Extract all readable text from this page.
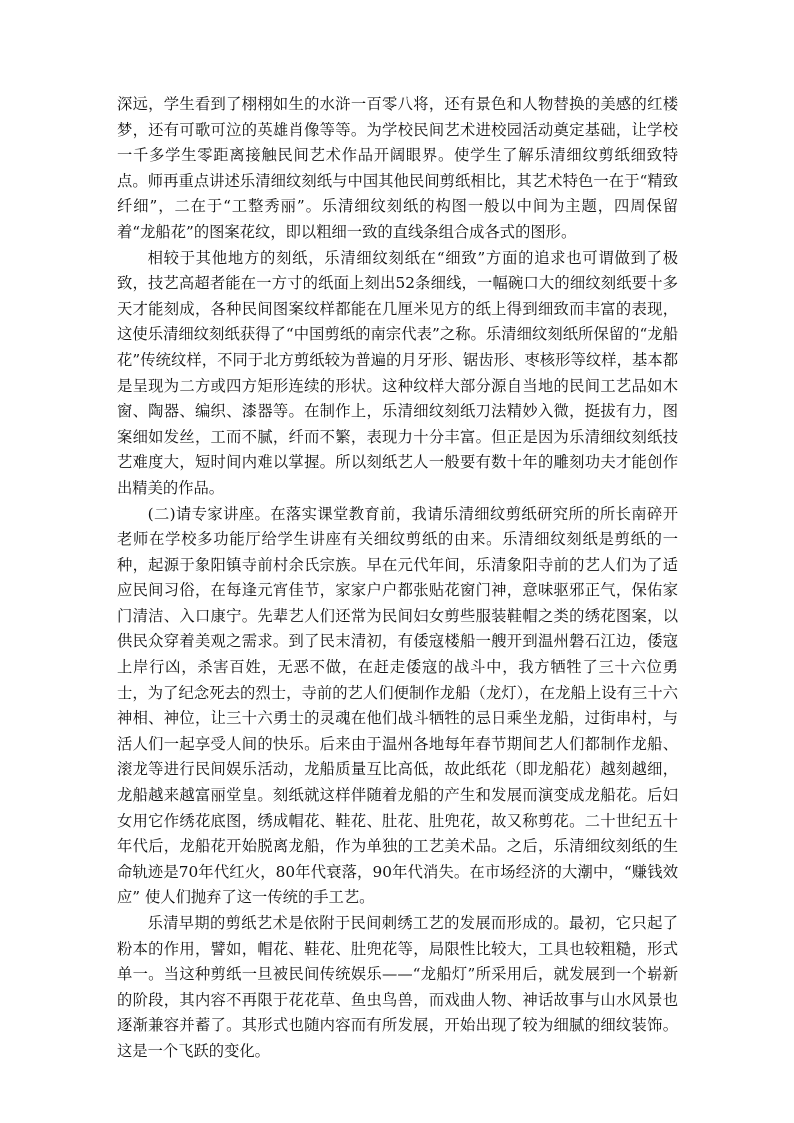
深远，学生看到了栩栩如生的水浒一百零八将，还有景色和人物替换的美感的红楼梦，还有可歌可泣的英雄肖像等等。为学校民间艺术进校园活动奠定基础，让学校一千多学生零距离接触民间艺术作品开阔眼界。使学生了解乐清细纹剪纸细致特点。师再重点讲述乐清细纹刻纸与中国其他民间剪纸相比，其艺术特色一在于“精致纤细”，二在于“工整秀丽”。乐清细纹刻纸的构图一般以中间为主题，四周保留着“龙船花”的图案花纹，即以粗细一致的直线条组合成各式的图形。

相较于其他地方的刻纸，乐清细纹刻纸在“细致”方面的追求也可谓做到了极致，技艺高超者能在一方寸的纸面上刻出52条细线，一幅碗口大的细纹刻纸要十多天才能刻成，各种民间图案纹样都能在几厘米见方的纸上得到细致而丰富的表现，这使乐清细纹刻纸获得了“中国剪纸的南宗代表”之称。乐清细纹刻纸所保留的“龙船花”传统纹样，不同于北方剪纸较为普遍的月牙形、锯齿形、枣核形等纹样，基本都是呈现为二方或四方矩形连续的形状。这种纹样大部分源自当地的民间工艺品如木窗、陶器、编织、漆器等。在制作上，乐清细纹刻纸刀法精妙入微，挺拔有力，图案细如发丝，工而不腻，纤而不繁，表现力十分丰富。但正是因为乐清细纹刻纸技艺难度大，短时间内难以掌握。所以刻纸艺人一般要有数十年的雕刻功夫才能创作出精美的作品。

(二)请专家讲座。在落实课堂教育前，我请乐清细纹剪纸研究所的所长南碎开老师在学校多功能厅给学生讲座有关细纹剪纸的由来。乐清细纹刻纸是剪纸的一种，起源于象阳镇寺前村余氏宗族。早在元代年间，乐清象阳寺前的艺人们为了适应民间习俗，在每逢元宵佳节，家家户户都张贴花窗门神，意味驱邪正气，保佑家门清洁、入口康宁。先辈艺人们还常为民间妇女剪些服装鞋帽之类的绣花图案，以供民众穿着美观之需求。到了民末清初，有倭寇楼船一艘开到温州磐石江边，倭寇上岸行凶，杀害百姓，无恶不做，在赶走倭寇的战斗中，我方牺牲了三十六位勇士，为了纪念死去的烈士，寺前的艺人们便制作龙船（龙灯），在龙船上设有三十六神相、神位，让三十六勇士的灵魂在他们战斗牺牲的忌日乘坐龙船，过街串村，与活人们一起享受人间的快乐。后来由于温州各地每年春节期间艺人们都制作龙船、滚龙等进行民间娱乐活动，龙船质量互比高低，故此纸花（即龙船花）越刻越细，龙船越来越富丽堂皇。刻纸就这样伴随着龙船的产生和发展而演变成龙船花。后妇女用它作绣花底图，绣成帽花、鞋花、肚花、肚兜花，故又称剪花。二十世纪五十年代后，龙船花开始脱离龙船，作为单独的工艺美术品。之后，乐清细纹刻纸的生命轨迹是70年代红火，80年代衰落，90年代消失。在市场经济的大潮中，“赚钱效应” 使人们抛弃了这一传统的手工艺。

乐清早期的剪纸艺术是依附于民间刺绣工艺的发展而形成的。最初，它只起了粉本的作用，譬如，帽花、鞋花、肚兜花等，局限性比较大，工具也较粗糙，形式单一。当这种剪纸一旦被民间传统娱乐——“龙船灯”所采用后，就发展到一个崭新的阶段，其内容不再限于花花草、鱼虫鸟兽，而戏曲人物、神话故事与山水风景也逐渐兼容并蓄了。其形式也随内容而有所发展，开始出现了较为细腻的细纹装饰。这是一个飞跃的变化。
